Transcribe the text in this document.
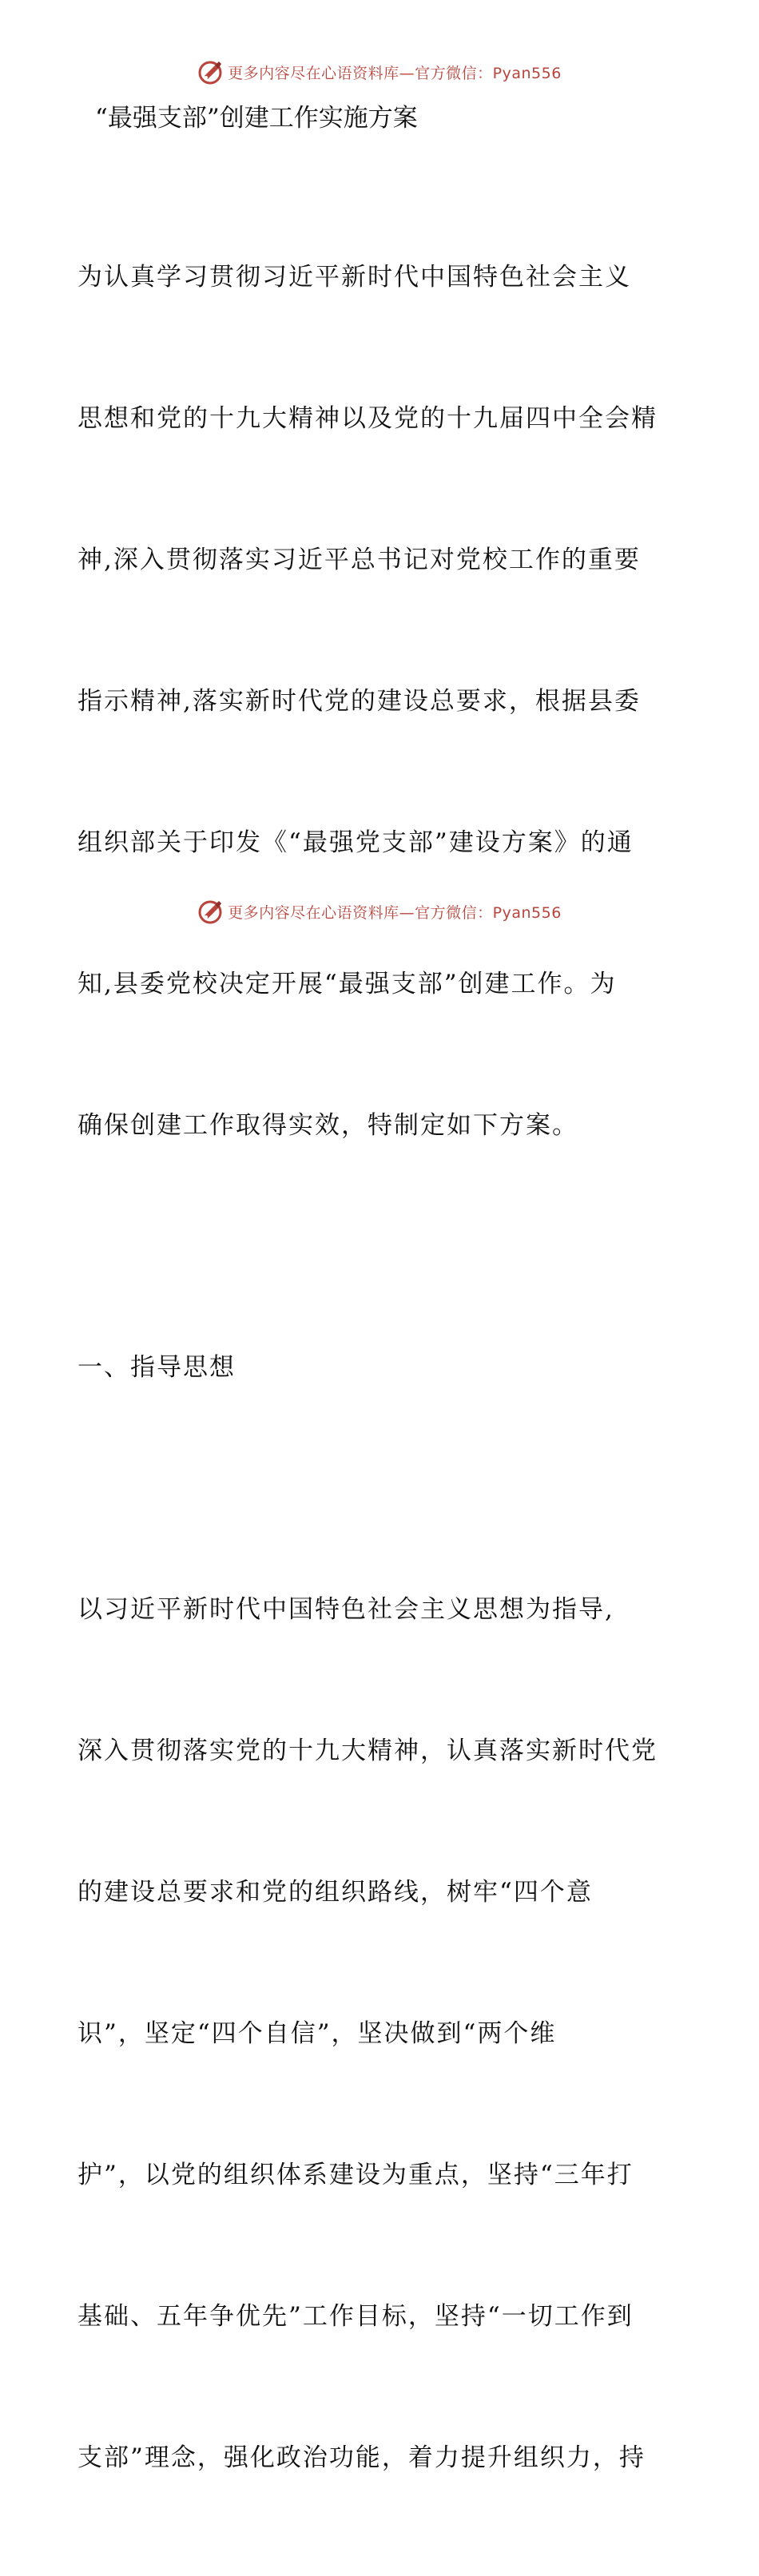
更多内容尽在心语资料库—官方微信：Pyan556
“最强支部”创建工作实施方案

为认真学习贯彻习近平新时代中国特色社会主义

思想和党的十九大精神以及党的十九届四中全会精

神,深入贯彻落实习近平总书记对党校工作的重要

指示精神,落实新时代党的建设总要求，根据县委

组织部关于印发《“最强党支部”建设方案》的通

知,县委党校决定开展“最强支部”创建工作。为

确保创建工作取得实效，特制定如下方案。

一、指导思想

以习近平新时代中国特色社会主义思想为指导,

深入贯彻落实党的十九大精神，认真落实新时代党

的建设总要求和党的组织路线，树牢“四个意

识”，坚定“四个自信”，坚决做到“两个维

护”，以党的组织体系建设为重点，坚持“三年打

基础、五年争优先”工作目标，坚持“一切工作到

支部”理念，强化政治功能，着力提升组织力，持

更多内容尽在心语资料库—官方微信：Pyan556
